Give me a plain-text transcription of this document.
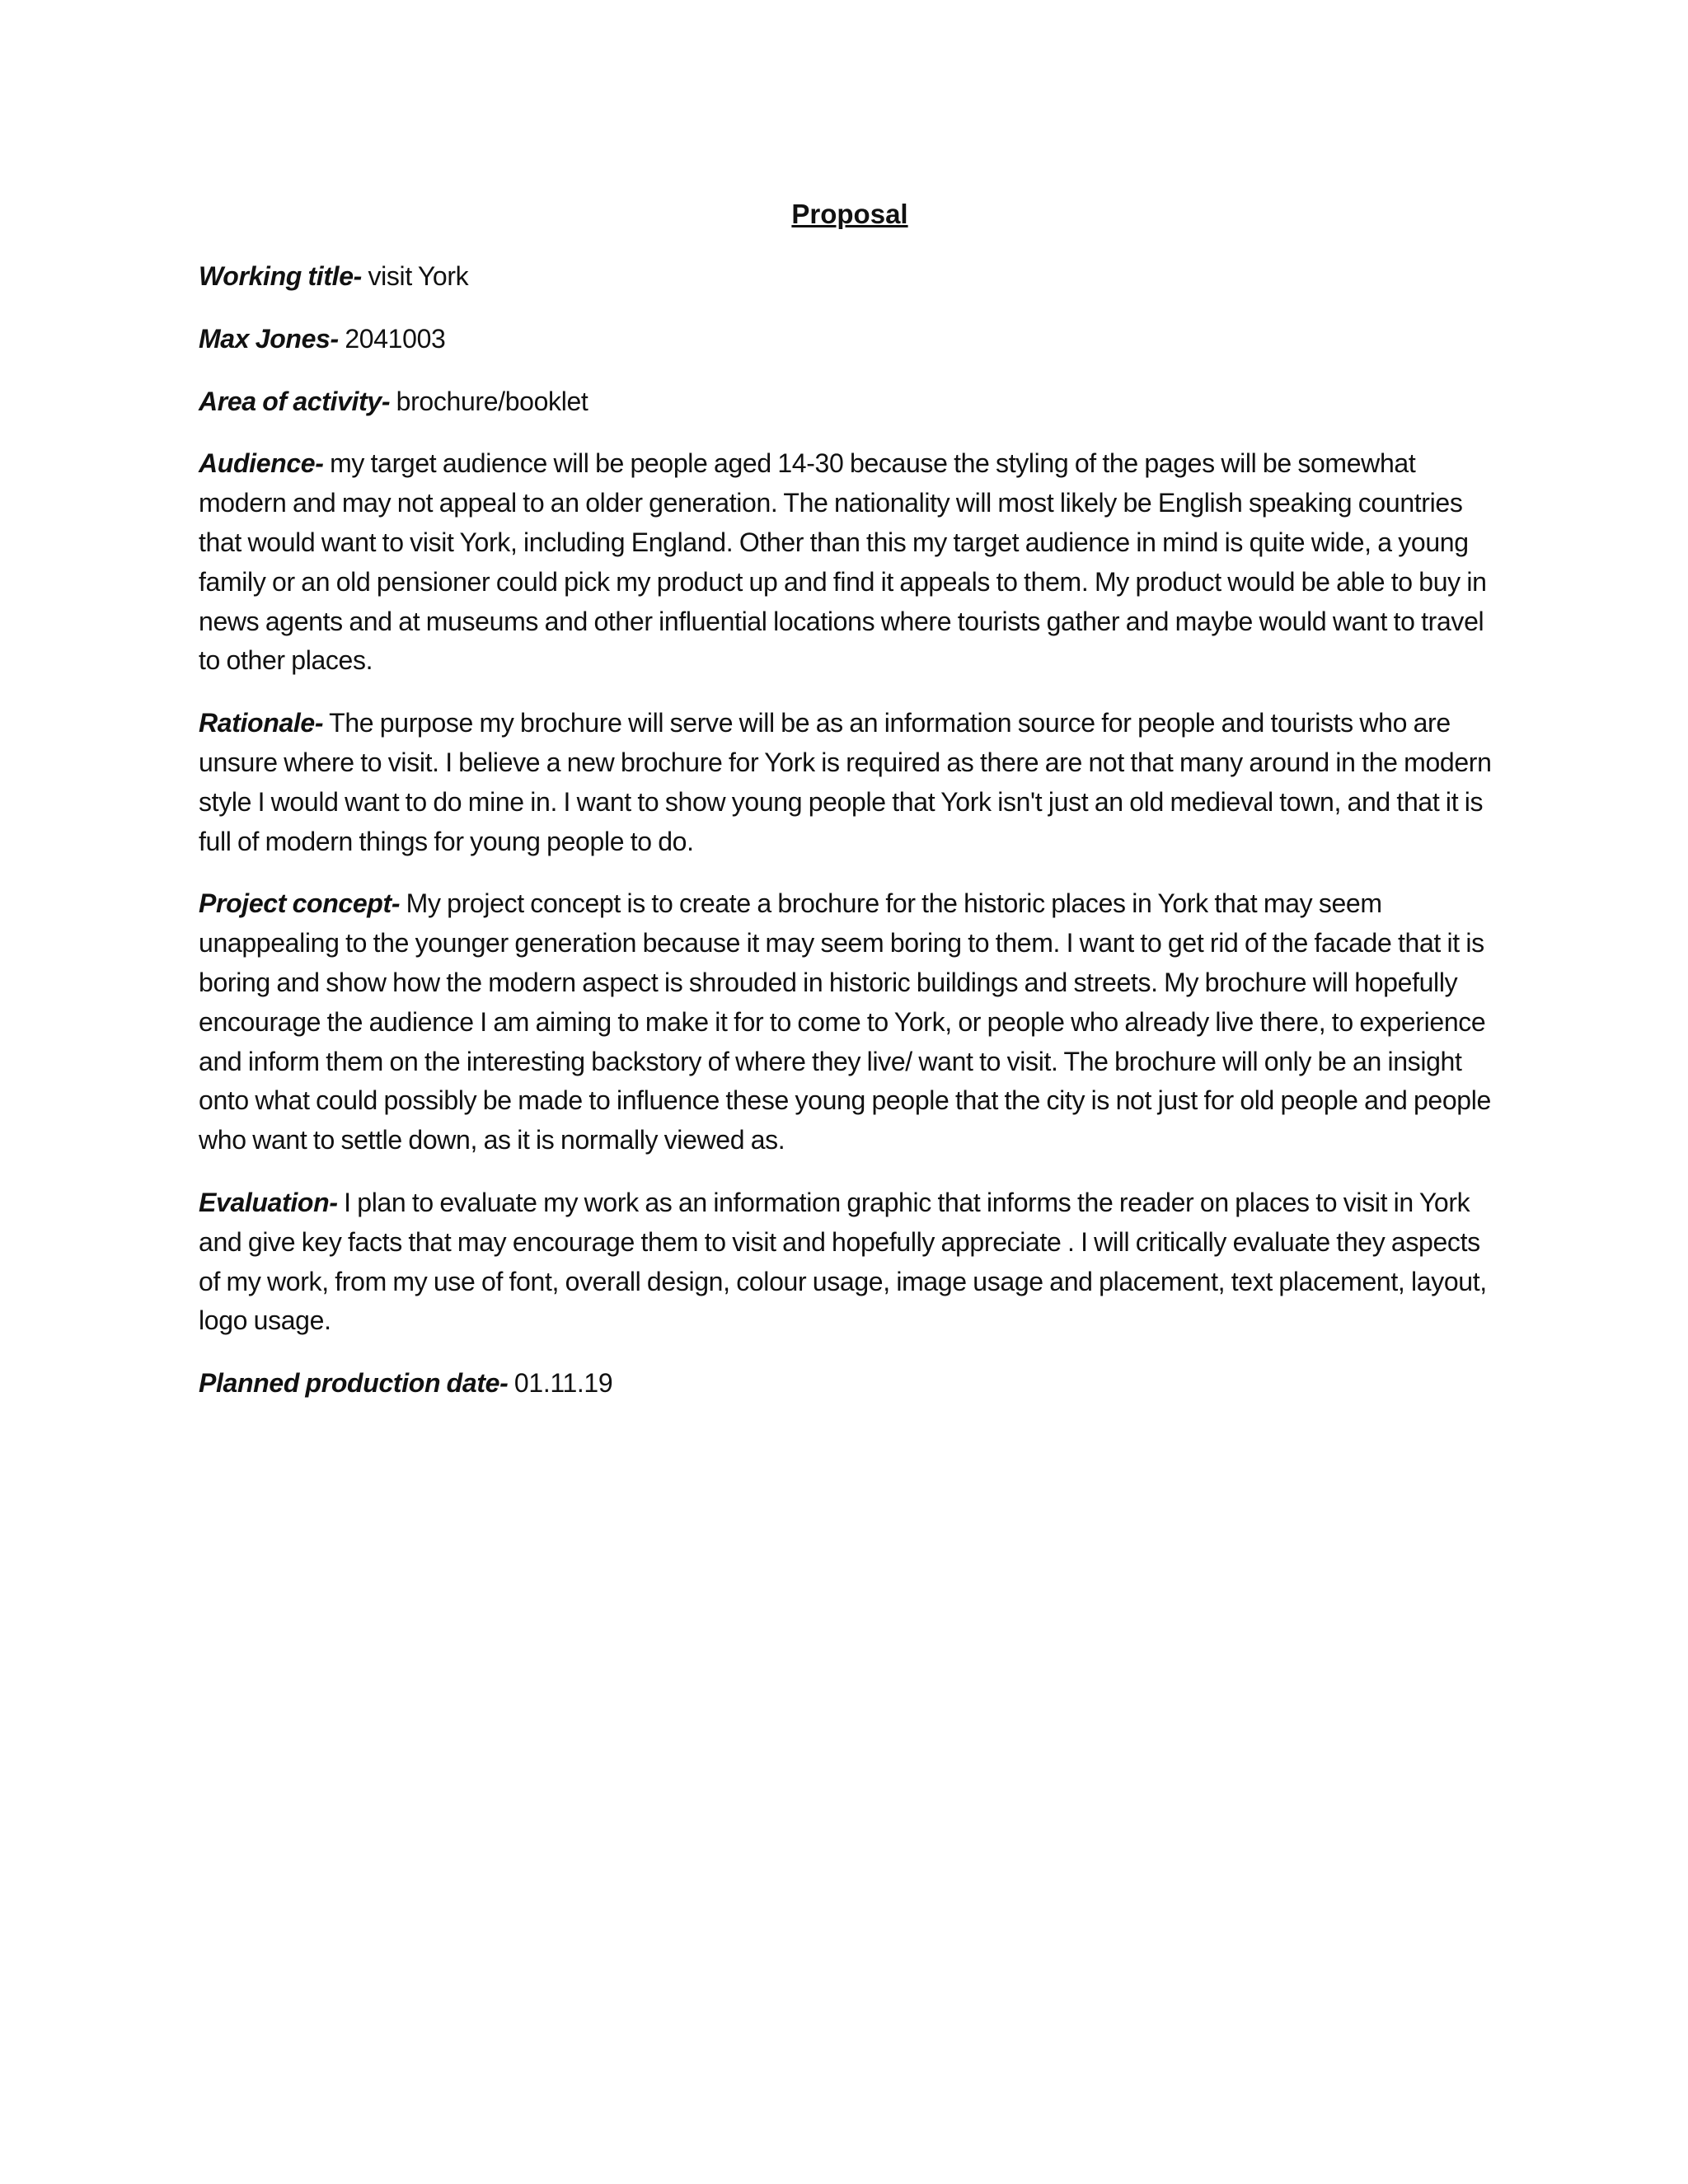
Proposal

Working title- visit York

Max Jones- 2041003

Area of activity- brochure/booklet

Audience- my target audience will be people aged 14-30 because the styling of the pages will be somewhat modern and may not appeal to an older generation. The nationality will most likely be English speaking countries that would want to visit York, including England. Other than this my target audience in mind is quite wide, a young family or an old pensioner could pick my product up and find it appeals to them. My product would be able to buy in news agents and at museums and other influential locations where tourists gather and maybe would want to travel to other places.

Rationale- The purpose my brochure will serve will be as an information source for people and tourists who are unsure where to visit. I believe a new brochure for York is required as there are not that many around in the modern style I would want to do mine in. I want to show young people that York isn't just an old medieval town, and that it is full of modern things for young people to do.

Project concept- My project concept is to create a brochure for the historic places in York that may seem unappealing to the younger generation because it may seem boring to them. I want to get rid of the facade that it is boring and show how the modern aspect is shrouded in historic buildings and streets. My brochure will hopefully encourage the audience I am aiming to make it for to come to York, or people who already live there, to experience and inform them on the interesting backstory of where they live/ want to visit. The brochure will only be an insight onto what could possibly be made to influence these young people that the city is not just for old people and people who want to settle down, as it is normally viewed as.

Evaluation- I plan to evaluate my work as an information graphic that informs the reader on places to visit in York and give key facts that may encourage them to visit and hopefully appreciate . I will critically evaluate they aspects of my work, from my use of font, overall design, colour usage, image usage and placement, text placement, layout, logo usage.

Planned production date- 01.11.19
